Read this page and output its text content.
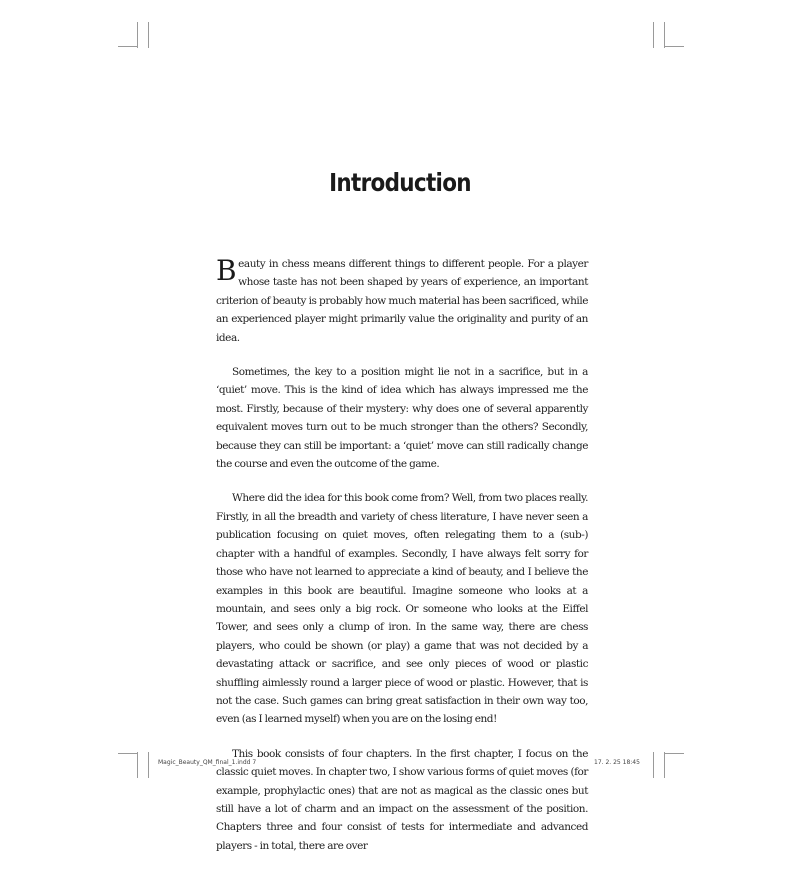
Introduction

Beauty in chess means different things to different people. For a player whose taste has not been shaped by years of experience, an important criterion of beauty is probably how much material has been sacrificed, while an experienced player might primarily value the originality and purity of an idea.

Sometimes, the key to a position might lie not in a sacrifice, but in a ‘quiet’ move. This is the kind of idea which has always impressed me the most. Firstly, because of their mystery: why does one of several apparently equivalent moves turn out to be much stronger than the others? Secondly, because they can still be important: a ‘quiet’ move can still radically change the course and even the outcome of the game.

Where did the idea for this book come from? Well, from two places really. Firstly, in all the breadth and variety of chess literature, I have never seen a publication focusing on quiet moves, often relegating them to a (sub-) chapter with a handful of examples. Secondly, I have always felt sorry for those who have not learned to appreciate a kind of beauty, and I believe the examples in this book are beautiful. Imagine someone who looks at a mountain, and sees only a big rock. Or someone who looks at the Eiffel Tower, and sees only a clump of iron. In the same way, there are chess players, who could be shown (or play) a game that was not decided by a devastating attack or sacrifice, and see only pieces of wood or plastic shuffling aimlessly round a larger piece of wood or plastic. However, that is not the case. Such games can bring great satisfaction in their own way too, even (as I learned myself) when you are on the losing end!

This book consists of four chapters. In the first chapter, I focus on the classic quiet moves. In chapter two, I show various forms of quiet moves (for example, prophylactic ones) that are not as magical as the classic ones but still have a lot of charm and an impact on the assessment of the position. Chapters three and four consist of tests for intermediate and advanced players - in total, there are over

Magic_Beauty_QM_final_1.indd 7	17. 2. 25 18:45
